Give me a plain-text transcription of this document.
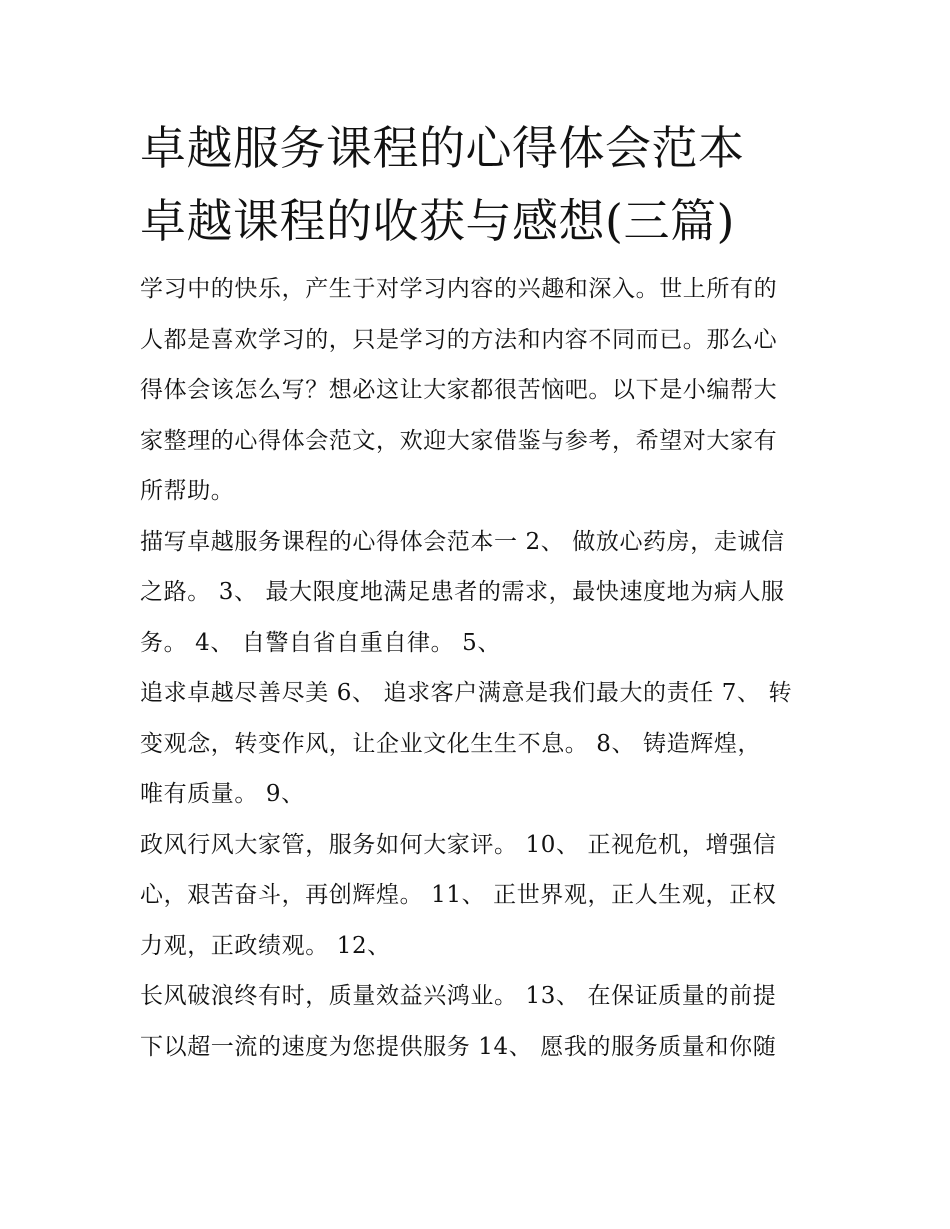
卓越服务课程的心得体会范本
卓越课程的收获与感想(三篇)
学习中的快乐，产生于对学习内容的兴趣和深入。世上所有的
人都是喜欢学习的，只是学习的方法和内容不同而已。那么心
得体会该怎么写？想必这让大家都很苦恼吧。以下是小编帮大
家整理的心得体会范文，欢迎大家借鉴与参考，希望对大家有
所帮助。
描写卓越服务课程的心得体会范本一 2、 做放心药房，走诚信
之路。 3、 最大限度地满足患者的需求，最快速度地为病人服
务。 4、 自警自省自重自律。 5、
追求卓越尽善尽美 6、 追求客户满意是我们最大的责任 7、 转
变观念，转变作风，让企业文化生生不息。 8、 铸造辉煌，
唯有质量。 9、
政风行风大家管，服务如何大家评。 10、 正视危机，增强信
心，艰苦奋斗，再创辉煌。 11、 正世界观，正人生观，正权
力观，正政绩观。 12、
长风破浪终有时，质量效益兴鸿业。 13、 在保证质量的前提
下以超一流的速度为您提供服务 14、 愿我的服务质量和你随
